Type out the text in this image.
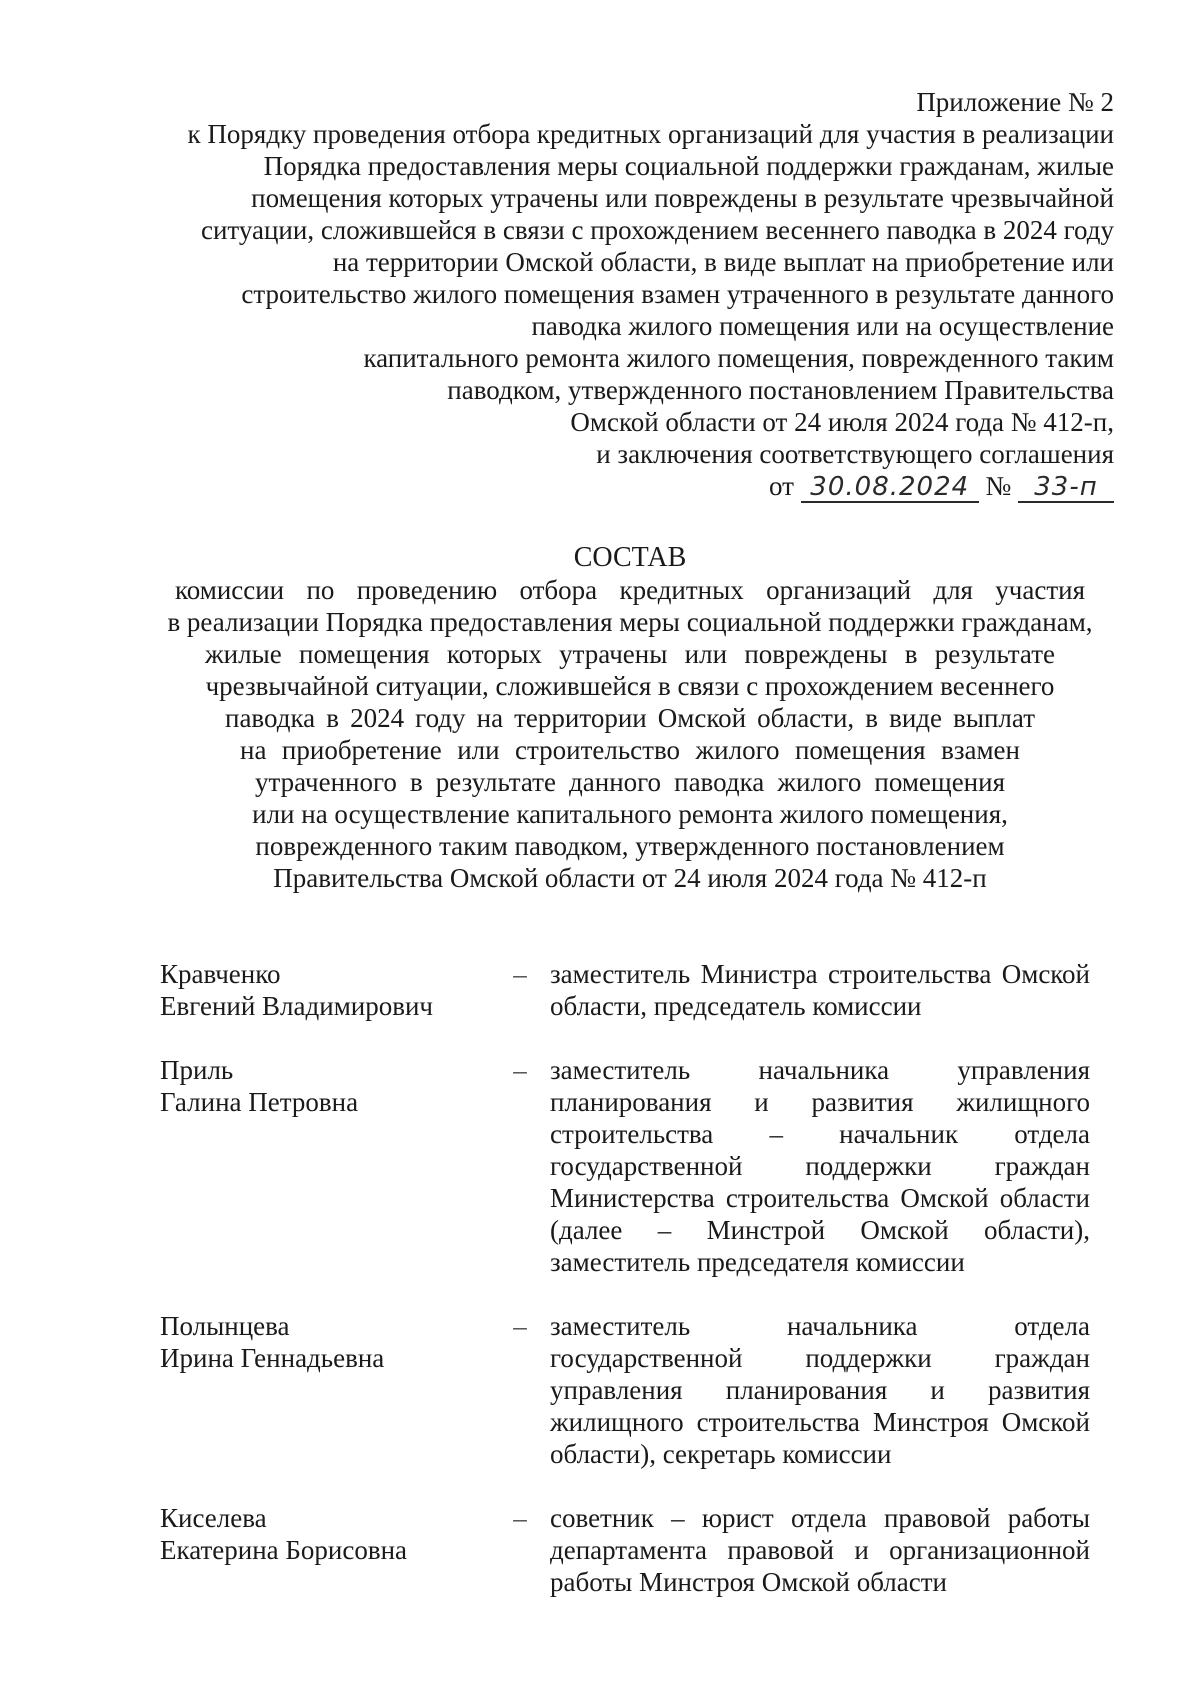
Приложение № 2
к Порядку проведения отбора кредитных организаций для участия в реализации
Порядка предоставления меры социальной поддержки гражданам, жилые
помещения которых утрачены или повреждены в результате чрезвычайной
ситуации, сложившейся в связи с прохождением весеннего паводка в 2024 году
на территории Омской области, в виде выплат на приобретение или
строительство жилого помещения взамен утраченного в результате данного
паводка жилого помещения или на осуществление
капитального ремонта жилого помещения, поврежденного таким
паводком, утвержденного постановлением Правительства
Омской области от 24 июля 2024 года № 412-п,
и заключения соответствующего соглашения
от 30.08.2024 № 33-п
СОСТАВ
комиссии по проведению отбора кредитных организаций для участия
в реализации Порядка предоставления меры социальной поддержки гражданам,
жилые помещения которых утрачены или повреждены в результате
чрезвычайной ситуации, сложившейся в связи с прохождением весеннего
паводка в 2024 году на территории Омской области, в виде выплат
на приобретение или строительство жилого помещения взамен
утраченного в результате данного паводка жилого помещения
или на осуществление капитального ремонта жилого помещения,
поврежденного таким паводком, утвержденного постановлением
Правительства Омской области от 24 июля 2024 года № 412-п
Кравченко
Евгений Владимирович
– заместитель Министра строительства Омской
области, председатель комиссии
Приль
Галина Петровна
– заместитель начальника управления
планирования и развития жилищного
строительства – начальник отдела
государственной поддержки граждан
Министерства строительства Омской области
(далее – Минстрой Омской области),
заместитель председателя комиссии
Полынцева
Ирина Геннадьевна
– заместитель начальника отдела
государственной поддержки граждан
управления планирования и развития
жилищного строительства Минстроя Омской
области), секретарь комиссии
Киселева
Екатерина Борисовна
– советник – юрист отдела правовой работы
департамента правовой и организационной
работы Минстроя Омской области
